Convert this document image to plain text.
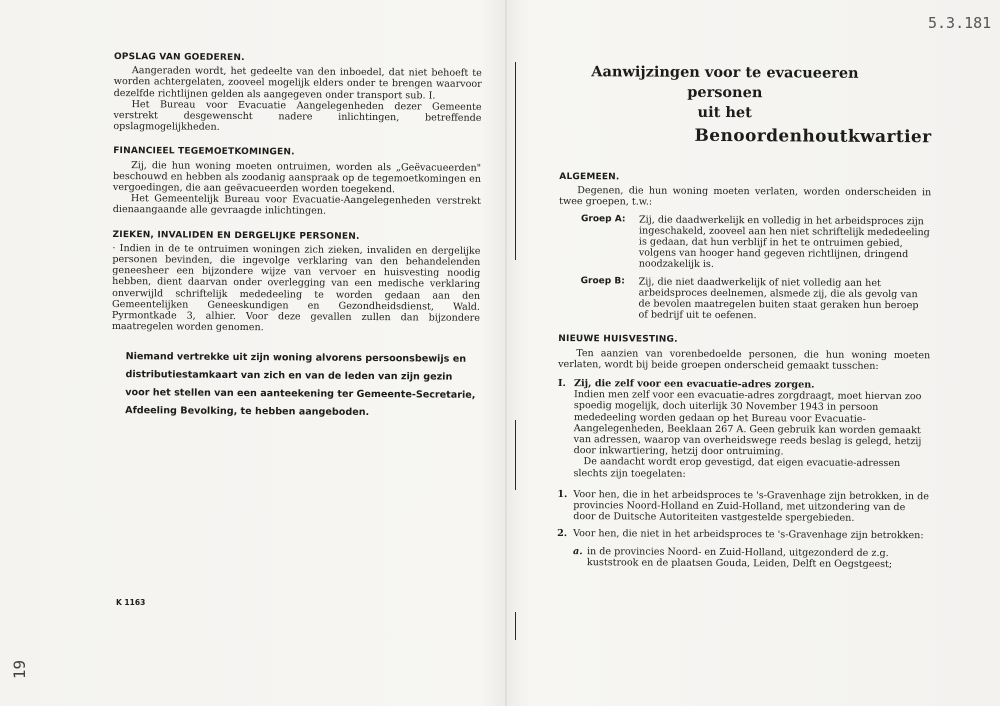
5.3.181
19
OPSLAG VAN GOEDEREN.

Aangeraden wordt, het gedeelte van den inboedel, dat niet behoeft te worden achtergelaten, zooveel mogelijk elders onder te brengen waarvoor dezelfde richtlijnen gelden als aangegeven onder transport sub. I.

Het Bureau voor Evacuatie Aangelegenheden dezer Gemeente verstrekt desgewenscht nadere inlichtingen, betreffende opslagmogelijkheden.

FINANCIEEL TEGEMOETKOMINGEN.

Zij, die hun woning moeten ontruimen, worden als „Geëvacueerden" beschouwd en hebben als zoodanig aanspraak op de tegemoetkomingen en vergoedingen, die aan geëvacueerden worden toegekend.

Het Gemeentelijk Bureau voor Evacuatie-Aangelegenheden verstrekt dienaangaande alle gevraagde inlichtingen.

ZIEKEN, INVALIDEN EN DERGELIJKE PERSONEN.

· Indien in de te ontruimen woningen zich zieken, invaliden en dergelijke personen bevinden, die ingevolge verklaring van den behandelenden geneesheer een bijzondere wijze van vervoer en huisvesting noodig hebben, dient daarvan onder overlegging van een medische verklaring onverwijld schriftelijk mededeeling te worden gedaan aan den Gemeentelijken Geneeskundigen en Gezondheidsdienst, Wald. Pyrmontkade 3, alhier. Voor deze gevallen zullen dan bijzondere maatregelen worden genomen.

Niemand vertrekke uit zijn woning alvorens persoonsbewijs en distributiestamkaart van zich en van de leden van zijn gezin voor het stellen van een aanteekening ter Gemeente-Secretarie, Afdeeling Bevolking, te hebben aangeboden.
K 1163
Aanwijzingen voor te evacueeren personen
uit het
Benoordenhoutkwartier
ALGEMEEN.

Degenen, die hun woning moeten verlaten, worden onderscheiden in twee groepen, t.w.:

Groep A:	Zij, die daadwerkelijk en volledig in het arbeidsproces zijn ingeschakeld, zooveel aan hen niet schriftelijk mededeeling is gedaan, dat hun verblijf in het te ontruimen gebied, volgens van hooger hand gegeven richtlijnen, dringend noodzakelijk is.
Groep B:	Zij, die niet daadwerkelijk of niet volledig aan het arbeidsproces deelnemen, alsmede zij, die als gevolg van de bevolen maatregelen buiten staat geraken hun beroep of bedrijf uit te oefenen.
NIEUWE HUISVESTING.

Ten aanzien van vorenbedoelde personen, die hun woning moeten verlaten, wordt bij beide groepen onderscheid gemaakt tusschen:

I. Zij, die zelf voor een evacuatie-adres zorgen.
Indien men zelf voor een evacuatie-adres zorgdraagt, moet hiervan zoo spoedig mogelijk, doch uiterlijk 30 November 1943 in persoon mededeeling worden gedaan op het Bureau voor Evacuatie-Aangelegenheden, Beeklaan 267 A. Geen gebruik kan worden gemaakt van adressen, waarop van overheidswege reeds beslag is gelegd, hetzij door inkwartiering, hetzij door ontruiming.
De aandacht wordt erop gevestigd, dat eigen evacuatie-adressen slechts zijn toegelaten:
1. Voor hen, die in het arbeidsproces te 's-Gravenhage zijn betrokken, in de provincies Noord-Holland en Zuid-Holland, met uitzondering van de door de Duitsche Autoriteiten vastgestelde spergebieden.
2. Voor hen, die niet in het arbeidsproces te 's-Gravenhage zijn betrokken:
a. in de provincies Noord- en Zuid-Holland, uitgezonderd de z.g. kuststrook en de plaatsen Gouda, Leiden, Delft en Oegstgeest;
